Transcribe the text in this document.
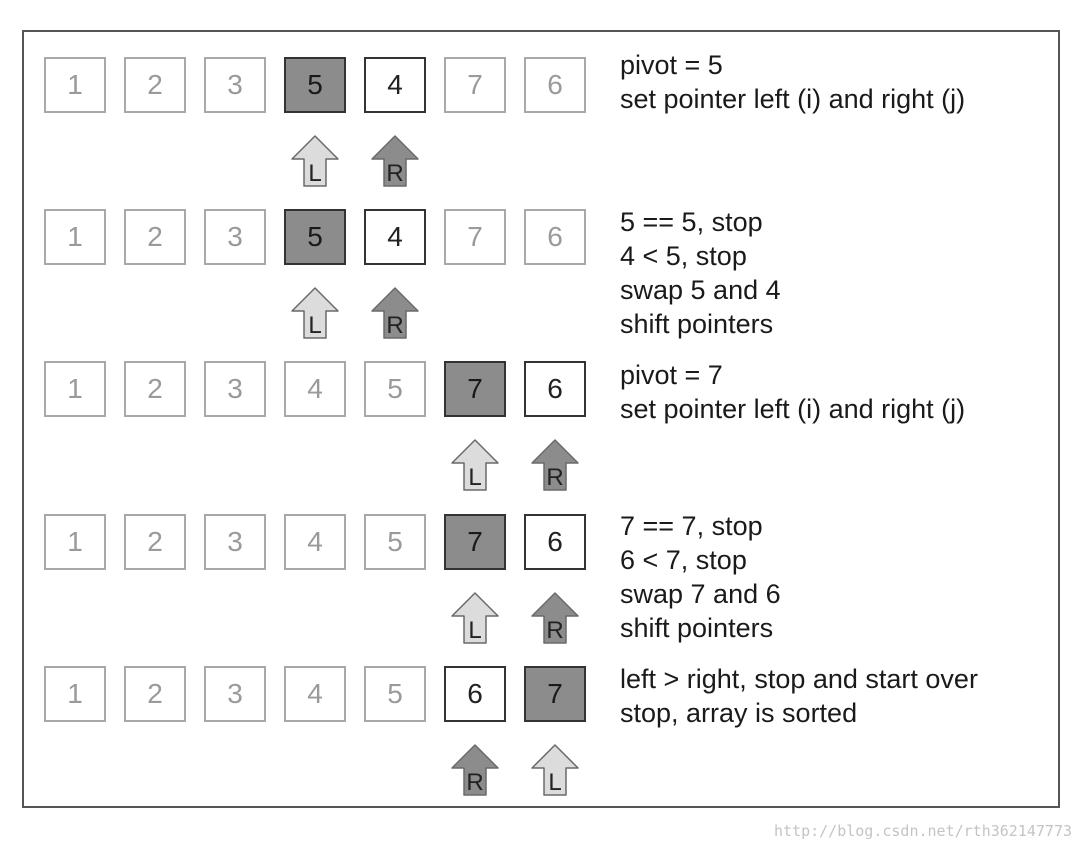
1	2	3	5	4	7	6
L	R
pivot = 5
set pointer left (i) and right (j)
1	2	3	5	4	7	6
L	R
5 == 5, stop
4 < 5, stop
swap 5 and 4
shift pointers
1	2	3	4	5	7	6
L	R
pivot = 7
set pointer left (i) and right (j)
1	2	3	4	5	7	6
L	R
7 == 7, stop
6 < 7, stop
swap 7 and 6
shift pointers
1	2	3	4	5	6	7
R	L
left > right, stop and start over
stop, array is sorted
http://blog.csdn.net/rth362147773
